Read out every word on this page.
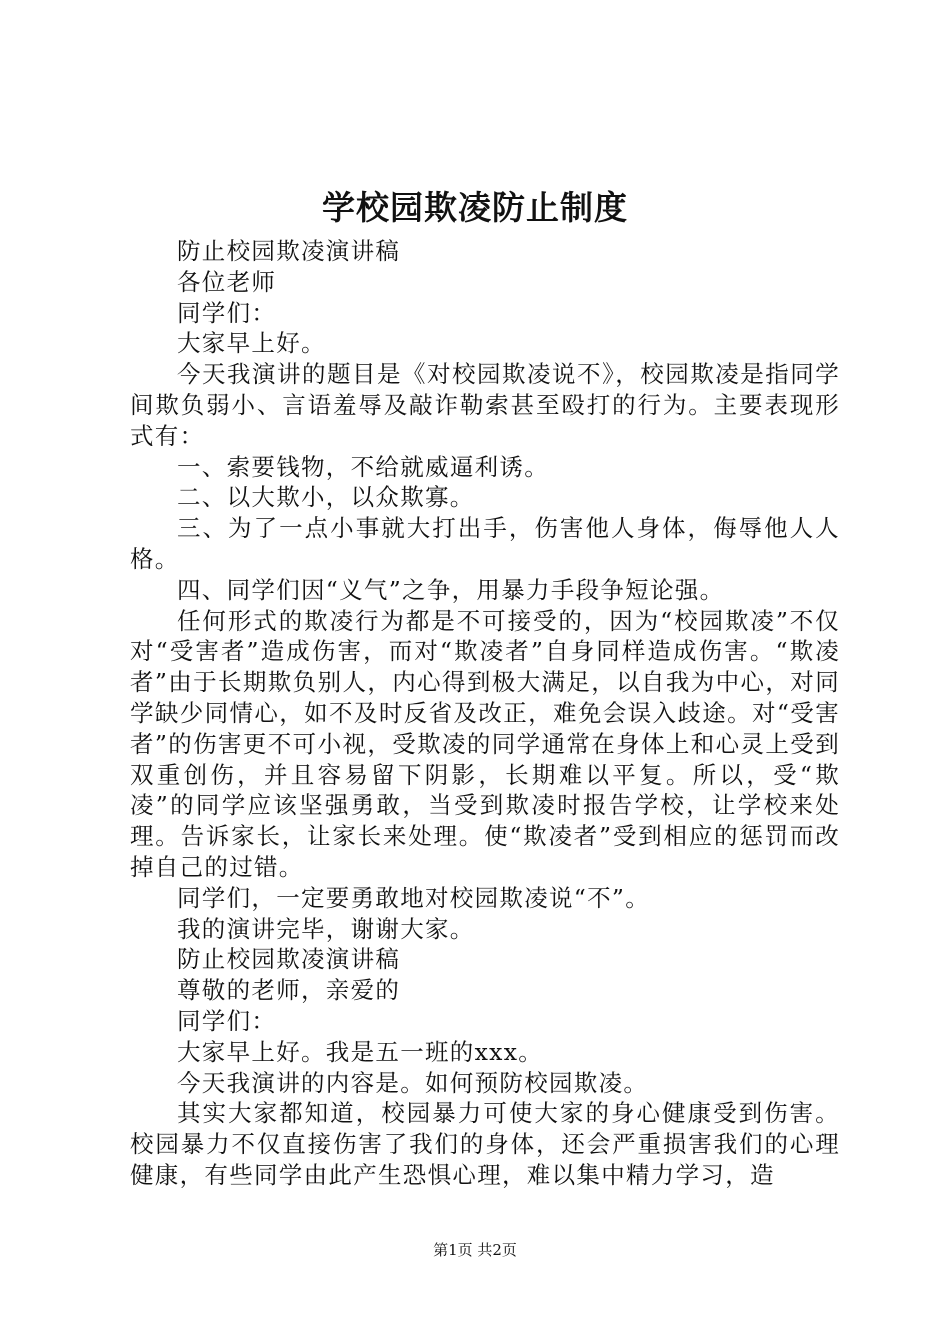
学校园欺凌防止制度

防止校园欺凌演讲稿

各位老师

同学们：

大家早上好。

今天我演讲的题目是《对校园欺凌说不》，校园欺凌是指同学间欺负弱小、言语羞辱及敲诈勒索甚至殴打的行为。主要表现形式有：

一、索要钱物，不给就威逼利诱。

二、以大欺小，以众欺寡。

三、为了一点小事就大打出手，伤害他人身体，侮辱他人人格。

四、同学们因“义气”之争，用暴力手段争短论强。

任何形式的欺凌行为都是不可接受的，因为“校园欺凌”不仅对“受害者”造成伤害，而对“欺凌者”自身同样造成伤害。“欺凌者”由于长期欺负别人，内心得到极大满足，以自我为中心，对同学缺少同情心，如不及时反省及改正，难免会误入歧途。对“受害者”的伤害更不可小视，受欺凌的同学通常在身体上和心灵上受到双重创伤，并且容易留下阴影，长期难以平复。所以，受“欺凌”的同学应该坚强勇敢，当受到欺凌时报告学校，让学校来处理。告诉家长，让家长来处理。使“欺凌者”受到相应的惩罚而改掉自己的过错。

同学们，一定要勇敢地对校园欺凌说“不”。

我的演讲完毕，谢谢大家。

防止校园欺凌演讲稿

尊敬的老师，亲爱的

同学们：

大家早上好。我是五一班的xxx。

今天我演讲的内容是。如何预防校园欺凌。

其实大家都知道，校园暴力可使大家的身心健康受到伤害。校园暴力不仅直接伤害了我们的身体，还会严重损害我们的心理健康，有些同学由此产生恐惧心理，难以集中精力学习，造

第1页 共2页
